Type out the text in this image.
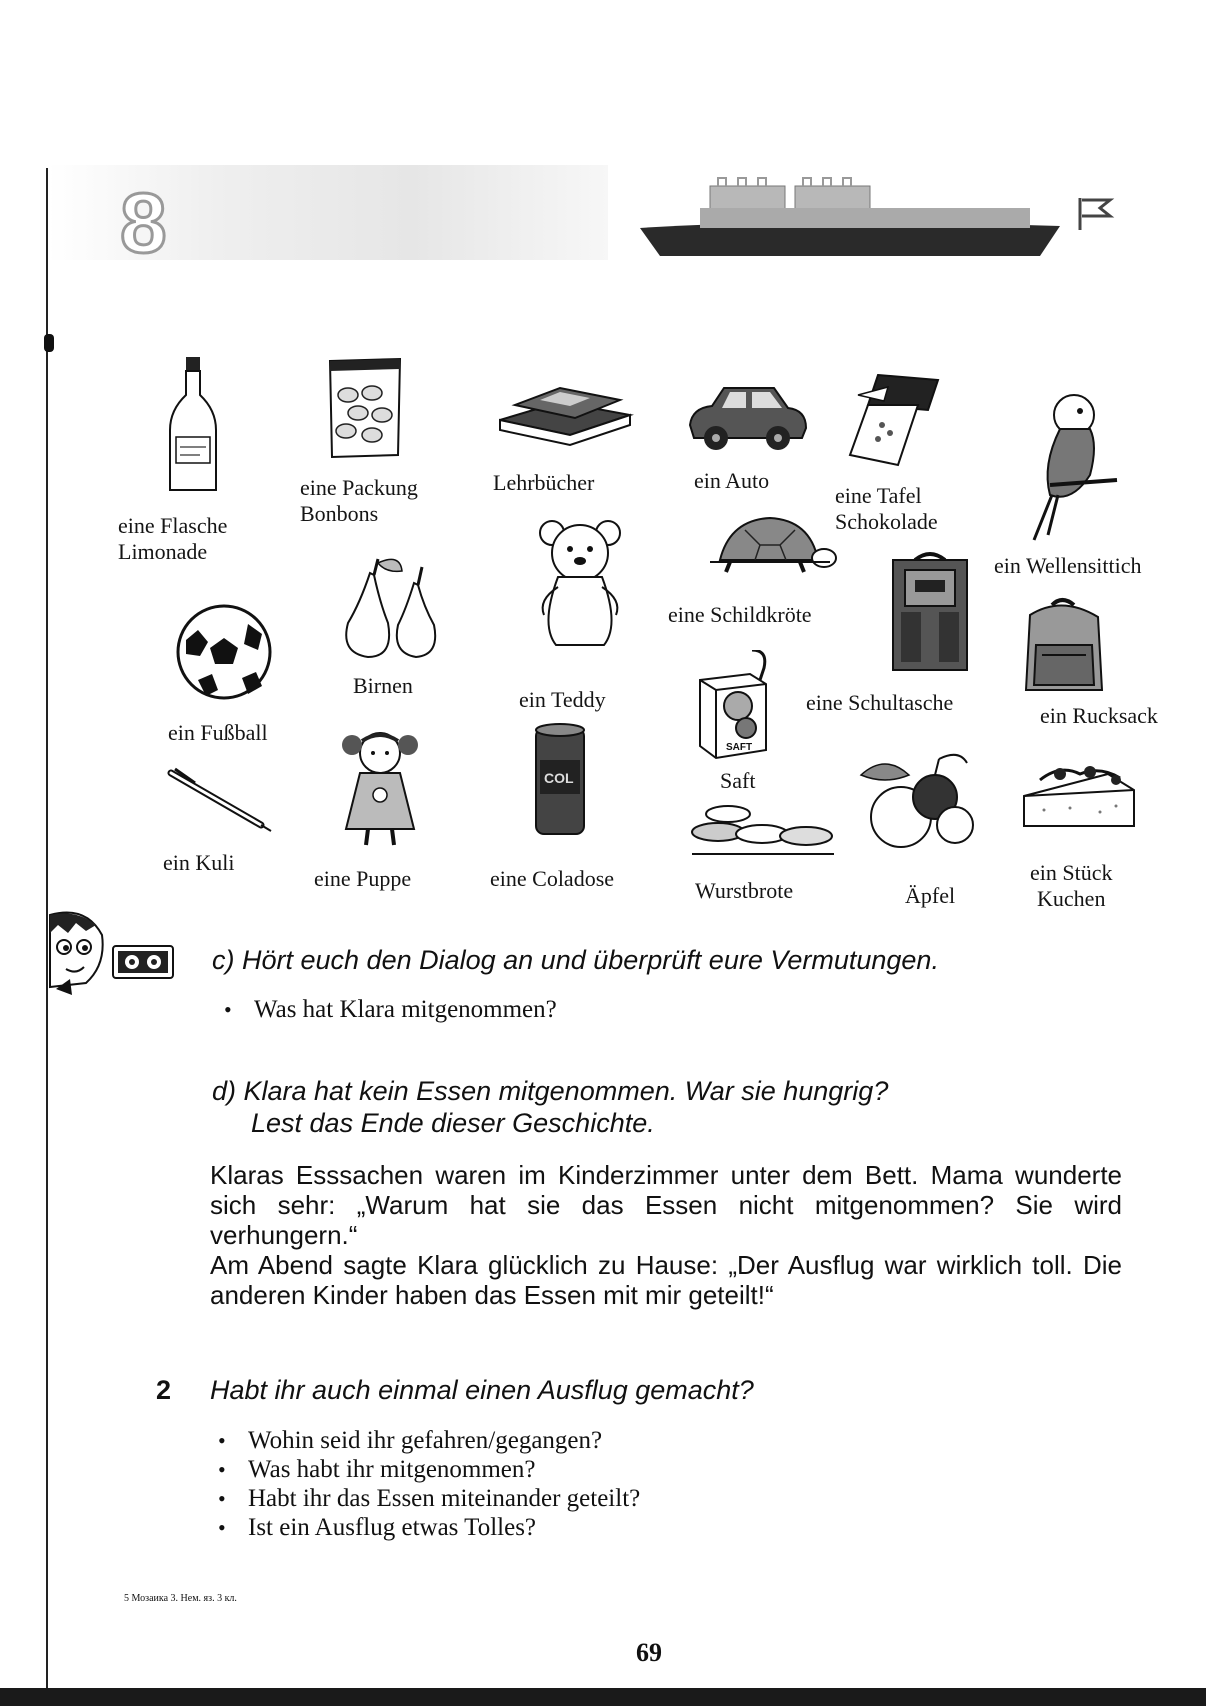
8
eine Flasche
Limonade
eine Packung
Bonbons
Lehrbücher	ein Auto
eine Tafel
Schokolade
ein Wellensittich
eine Schildkröte
ein Teddy	eine Schultasche
ein Rucksack
ein Fußball
Birnen
SAFT
Saft
ein Kuli
eine Puppe
COL
eine Coladose	Wurstbrote	Äpfel
ein Stück
Kuchen
c) Hört euch den Dialog an und überprüft eure Vermutungen.
• Was hat Klara mitgenommen?
d) Klara hat kein Essen mitgenommen. War sie hungrig?
Lest das Ende dieser Geschichte.
Klaras Esssachen waren im Kinderzimmer unter dem Bett. Mama wunderte sich sehr: „Warum hat sie das Essen nicht mitgenommen? Sie wird verhungern.“
Am Abend sagte Klara glücklich zu Hause: „Der Ausflug war wirklich toll. Die anderen Kinder haben das Essen mit mir geteilt!“
2 Habt ihr auch einmal einen Ausflug gemacht?
• Wohin seid ihr gefahren/gegangen?
• Was habt ihr mitgenommen?
• Habt ihr das Essen miteinander geteilt?
• Ist ein Ausflug etwas Tolles?
5 Мозаика 3. Нем. яз. 3 кл.
69
